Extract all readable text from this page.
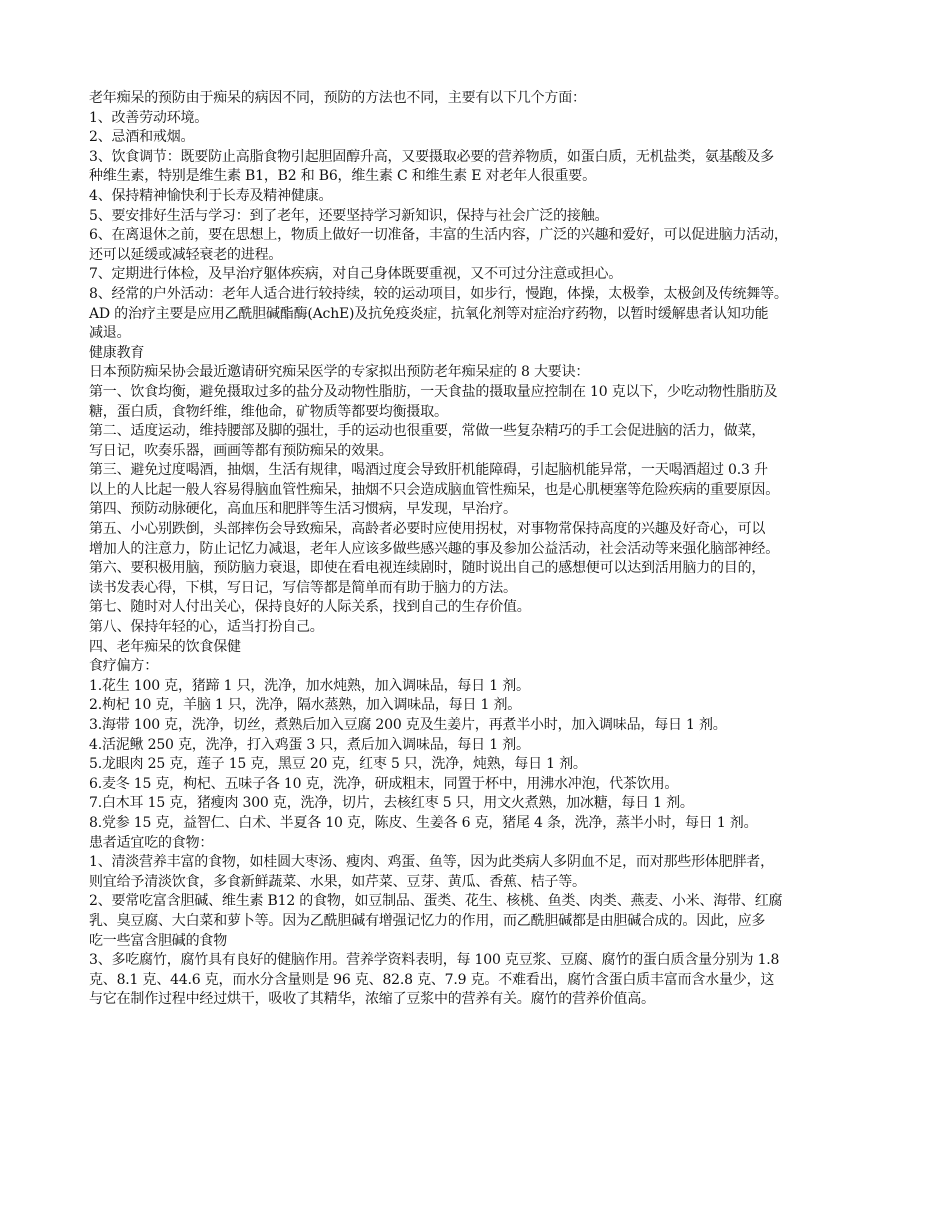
老年痴呆的预防由于痴呆的病因不同，预防的方法也不同，主要有以下几个方面：
1、改善劳动环境。
2、忌酒和戒烟。
3、饮食调节：既要防止高脂食物引起胆固醇升高，又要摄取必要的营养物质，如蛋白质，无机盐类，氨基酸及多
种维生素，特别是维生素 B1，B2 和 B6，维生素 C 和维生素 E 对老年人很重要。
4、保持精神愉快利于长寿及精神健康。
5、要安排好生活与学习：到了老年，还要坚持学习新知识，保持与社会广泛的接触。
6、在离退休之前，要在思想上，物质上做好一切准备，丰富的生活内容，广泛的兴趣和爱好，可以促进脑力活动，
还可以延缓或减轻衰老的进程。
7、定期进行体检，及早治疗躯体疾病，对自己身体既要重视，又不可过分注意或担心。
8、经常的户外活动：老年人适合进行较持续，较的运动项目，如步行，慢跑，体操，太极拳，太极剑及传统舞等。
AD 的治疗主要是应用乙酰胆碱酯酶(AchE)及抗免疫炎症，抗氧化剂等对症治疗药物，以暂时缓解患者认知功能
减退。
健康教育
日本预防痴呆协会最近邀请研究痴呆医学的专家拟出预防老年痴呆症的 8 大要诀：
第一、饮食均衡，避免摄取过多的盐分及动物性脂肪，一天食盐的摄取量应控制在 10 克以下，少吃动物性脂肪及
糖，蛋白质，食物纤维，维他命，矿物质等都要均衡摄取。
第二、适度运动，维持腰部及脚的强壮，手的运动也很重要，常做一些复杂精巧的手工会促进脑的活力，做菜，
写日记，吹奏乐器，画画等都有预防痴呆的效果。
第三、避免过度喝酒，抽烟，生活有规律，喝酒过度会导致肝机能障碍，引起脑机能异常，一天喝酒超过 0.3 升
以上的人比起一般人容易得脑血管性痴呆，抽烟不只会造成脑血管性痴呆，也是心肌梗塞等危险疾病的重要原因。
第四、预防动脉硬化，高血压和肥胖等生活习惯病，早发现，早治疗。
第五、小心别跌倒，头部摔伤会导致痴呆，高龄者必要时应使用拐杖，对事物常保持高度的兴趣及好奇心，可以
增加人的注意力，防止记忆力减退，老年人应该多做些感兴趣的事及参加公益活动，社会活动等来强化脑部神经。
第六、要积极用脑，预防脑力衰退，即使在看电视连续剧时，随时说出自己的感想便可以达到活用脑力的目的，
读书发表心得，下棋，写日记，写信等都是简单而有助于脑力的方法。
第七、随时对人付出关心，保持良好的人际关系，找到自己的生存价值。
第八、保持年轻的心，适当打扮自己。
四、老年痴呆的饮食保健
食疗偏方：
1.花生 100 克，猪蹄 1 只，洗净，加水炖熟，加入调味品，每日 1 剂。
2.枸杞 10 克，羊脑 1 只，洗净，隔水蒸熟，加入调味品，每日 1 剂。
3.海带 100 克，洗净，切丝，煮熟后加入豆腐 200 克及生姜片，再煮半小时，加入调味品，每日 1 剂。
4.活泥鳅 250 克，洗净，打入鸡蛋 3 只，煮后加入调味品，每日 1 剂。
5.龙眼肉 25 克，莲子 15 克，黑豆 20 克，红枣 5 只，洗净，炖熟，每日 1 剂。
6.麦冬 15 克，枸杞、五味子各 10 克，洗净，研成粗末，同置于杯中，用沸水冲泡，代茶饮用。
7.白木耳 15 克，猪瘦肉 300 克，洗净，切片，去核红枣 5 只，用文火煮熟，加冰糖，每日 1 剂。
8.党参 15 克，益智仁、白术、半夏各 10 克，陈皮、生姜各 6 克，猪尾 4 条，洗净，蒸半小时，每日 1 剂。
患者适宜吃的食物：
1、清淡营养丰富的食物，如桂圆大枣汤、瘦肉、鸡蛋、鱼等，因为此类病人多阴血不足，而对那些形体肥胖者，
则宜给予清淡饮食，多食新鲜蔬菜、水果，如芹菜、豆芽、黄瓜、香蕉、桔子等。
2、要常吃富含胆碱、维生素 B12 的食物，如豆制品、蛋类、花生、核桃、鱼类、肉类、燕麦、小米、海带、红腐
乳、臭豆腐、大白菜和萝卜等。因为乙酰胆碱有增强记忆力的作用，而乙酰胆碱都是由胆碱合成的。因此，应多
吃一些富含胆碱的食物
3、多吃腐竹，腐竹具有良好的健脑作用。营养学资料表明，每 100 克豆浆、豆腐、腐竹的蛋白质含量分别为 1.8
克、8.1 克、44.6 克，而水分含量则是 96 克、82.8 克、7.9 克。不难看出，腐竹含蛋白质丰富而含水量少，这
与它在制作过程中经过烘干，吸收了其精华，浓缩了豆浆中的营养有关。腐竹的营养价值高。
